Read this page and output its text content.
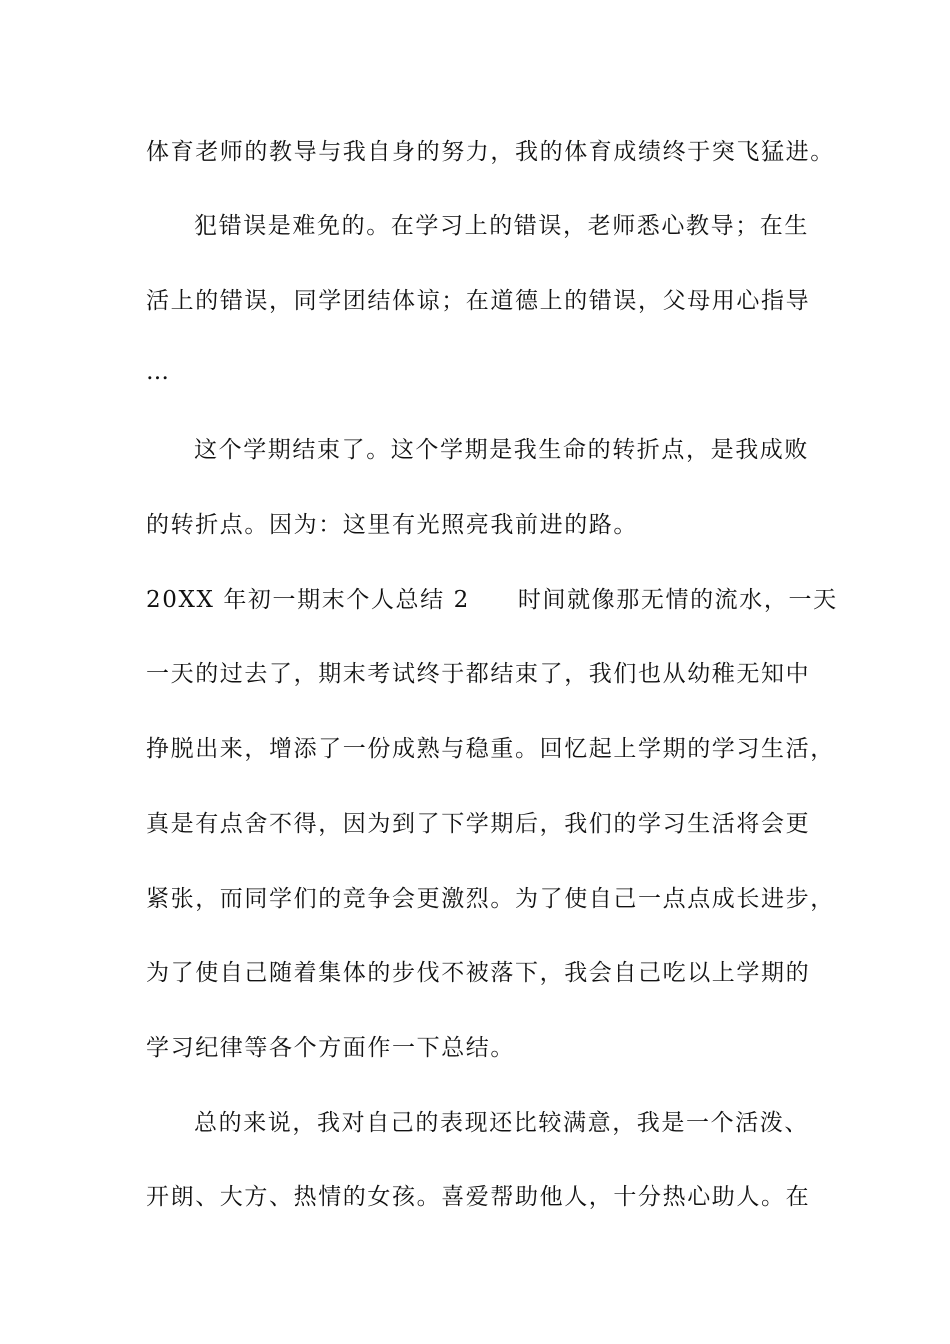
体育老师的教导与我自身的努力，我的体育成绩终于突飞猛进。
犯错误是难免的。在学习上的错误，老师悉心教导；在生
活上的错误，同学团结体谅；在道德上的错误，父母用心指导
…
这个学期结束了。这个学期是我生命的转折点，是我成败
的转折点。因为：这里有光照亮我前进的路。
20XX 年初一期末个人总结 2 时间就像那无情的流水，一天
一天的过去了，期末考试终于都结束了，我们也从幼稚无知中
挣脱出来，增添了一份成熟与稳重。回忆起上学期的学习生活，
真是有点舍不得，因为到了下学期后，我们的学习生活将会更
紧张，而同学们的竞争会更激烈。为了使自己一点点成长进步，
为了使自己随着集体的步伐不被落下，我会自己吃以上学期的
学习纪律等各个方面作一下总结。
总的来说，我对自己的表现还比较满意，我是一个活泼、
开朗、大方、热情的女孩。喜爱帮助他人，十分热心助人。在
